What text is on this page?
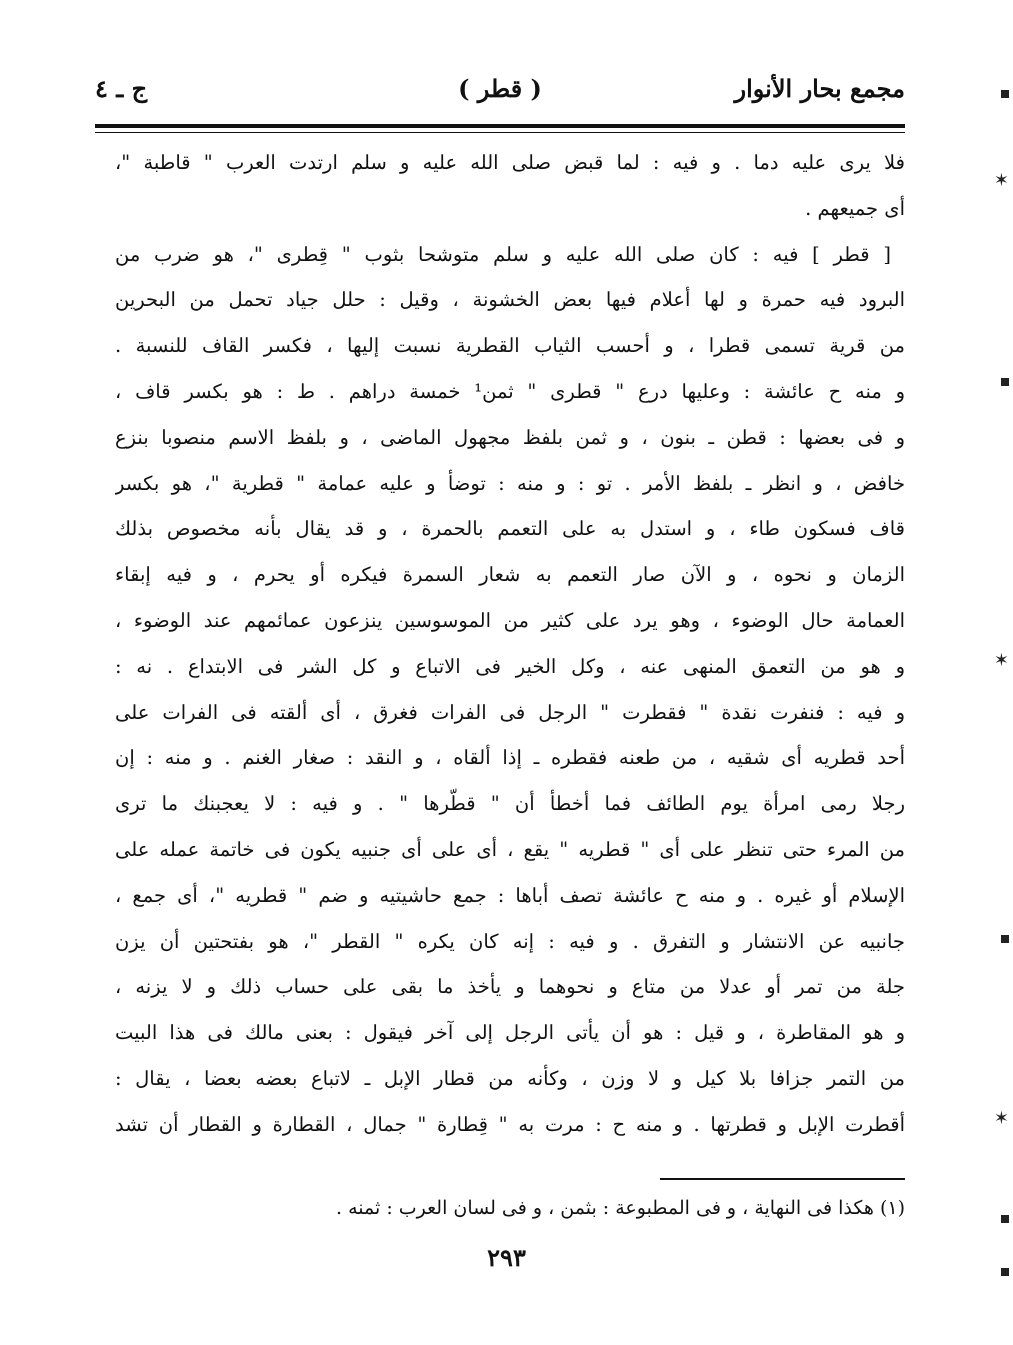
مجمع بحار الأنوار
( قطر )
ج ـ ٤
فلا يرى عليه دما . و فيه : لما قبض صلى الله عليه و سلم ارتدت العرب " قاطبة "،
أى جميعهم .
[ قطر ] فيه : كان صلى الله عليه و سلم متوشحا بثوب " قِطرى "، هو ضرب من
البرود فيه حمرة و لها أعلام فيها بعض الخشونة ، وقيل : حلل جياد تحمل من البحرين
من قرية تسمى قطرا ، و أحسب الثياب القطرية نسبت إليها ، فكسر القاف للنسبة .
و منه ح عائشة : وعليها درع " قطرى " ثمن¹ خمسة دراهم . ط : هو بكسر قاف ،
و فى بعضها : قطن ـ بنون ، و ثمن بلفظ مجهول الماضى ، و بلفظ الاسم منصوبا بنزع
خافض ، و انظر ـ بلفظ الأمر . تو : و منه : توضأ و عليه عمامة " قطرية "، هو بكسر
قاف فسكون طاء ، و استدل به على التعمم بالحمرة ، و قد يقال بأنه مخصوص بذلك
الزمان و نحوه ، و الآن صار التعمم به شعار السمرة فيكره أو يحرم ، و فيه إبقاء
العمامة حال الوضوء ، وهو يرد على كثير من الموسوسين ينزعون عمائمهم عند الوضوء ،
و هو من التعمق المنهى عنه ، وكل الخير فى الاتباع و كل الشر فى الابتداع . نه :
و فيه : فنفرت نقدة " فقطرت " الرجل فى الفرات فغرق ، أى ألقته فى الفرات على
أحد قطريه أى شقيه ، من طعنه فقطره ـ إذا ألقاه ، و النقد : صغار الغنم . و منه : إن
رجلا رمى امرأة يوم الطائف فما أخطأ أن " قطّرها " . و فيه : لا يعجبنك ما ترى
من المرء حتى تنظر على أى " قطريه " يقع ، أى على أى جنبيه يكون فى خاتمة عمله على
الإسلام أو غيره . و منه ح عائشة تصف أباها : جمع حاشيتيه و ضم " قطريه "، أى جمع ،
جانبيه عن الانتشار و التفرق . و فيه : إنه كان يكره " القطر "، هو بفتحتين أن يزن
جلة من تمر أو عدلا من متاع و نحوهما و يأخذ ما بقى على حساب ذلك و لا يزنه ،
و هو المقاطرة ، و قيل : هو أن يأتى الرجل إلى آخر فيقول : بعنى مالك فى هذا البيت
من التمر جزافا بلا كيل و لا وزن ، وكأنه من قطار الإبل ـ لاتباع بعضه بعضا ، يقال :
أقطرت الإبل و قطرتها . و منه ح : مرت به " قِطارة " جمال ، القطارة و القطار أن تشد
(١) هكذا فى النهاية ، و فى المطبوعة : بثمن ، و فى لسان العرب : ثمنه .
٢٩٣
✶
✶
✶
